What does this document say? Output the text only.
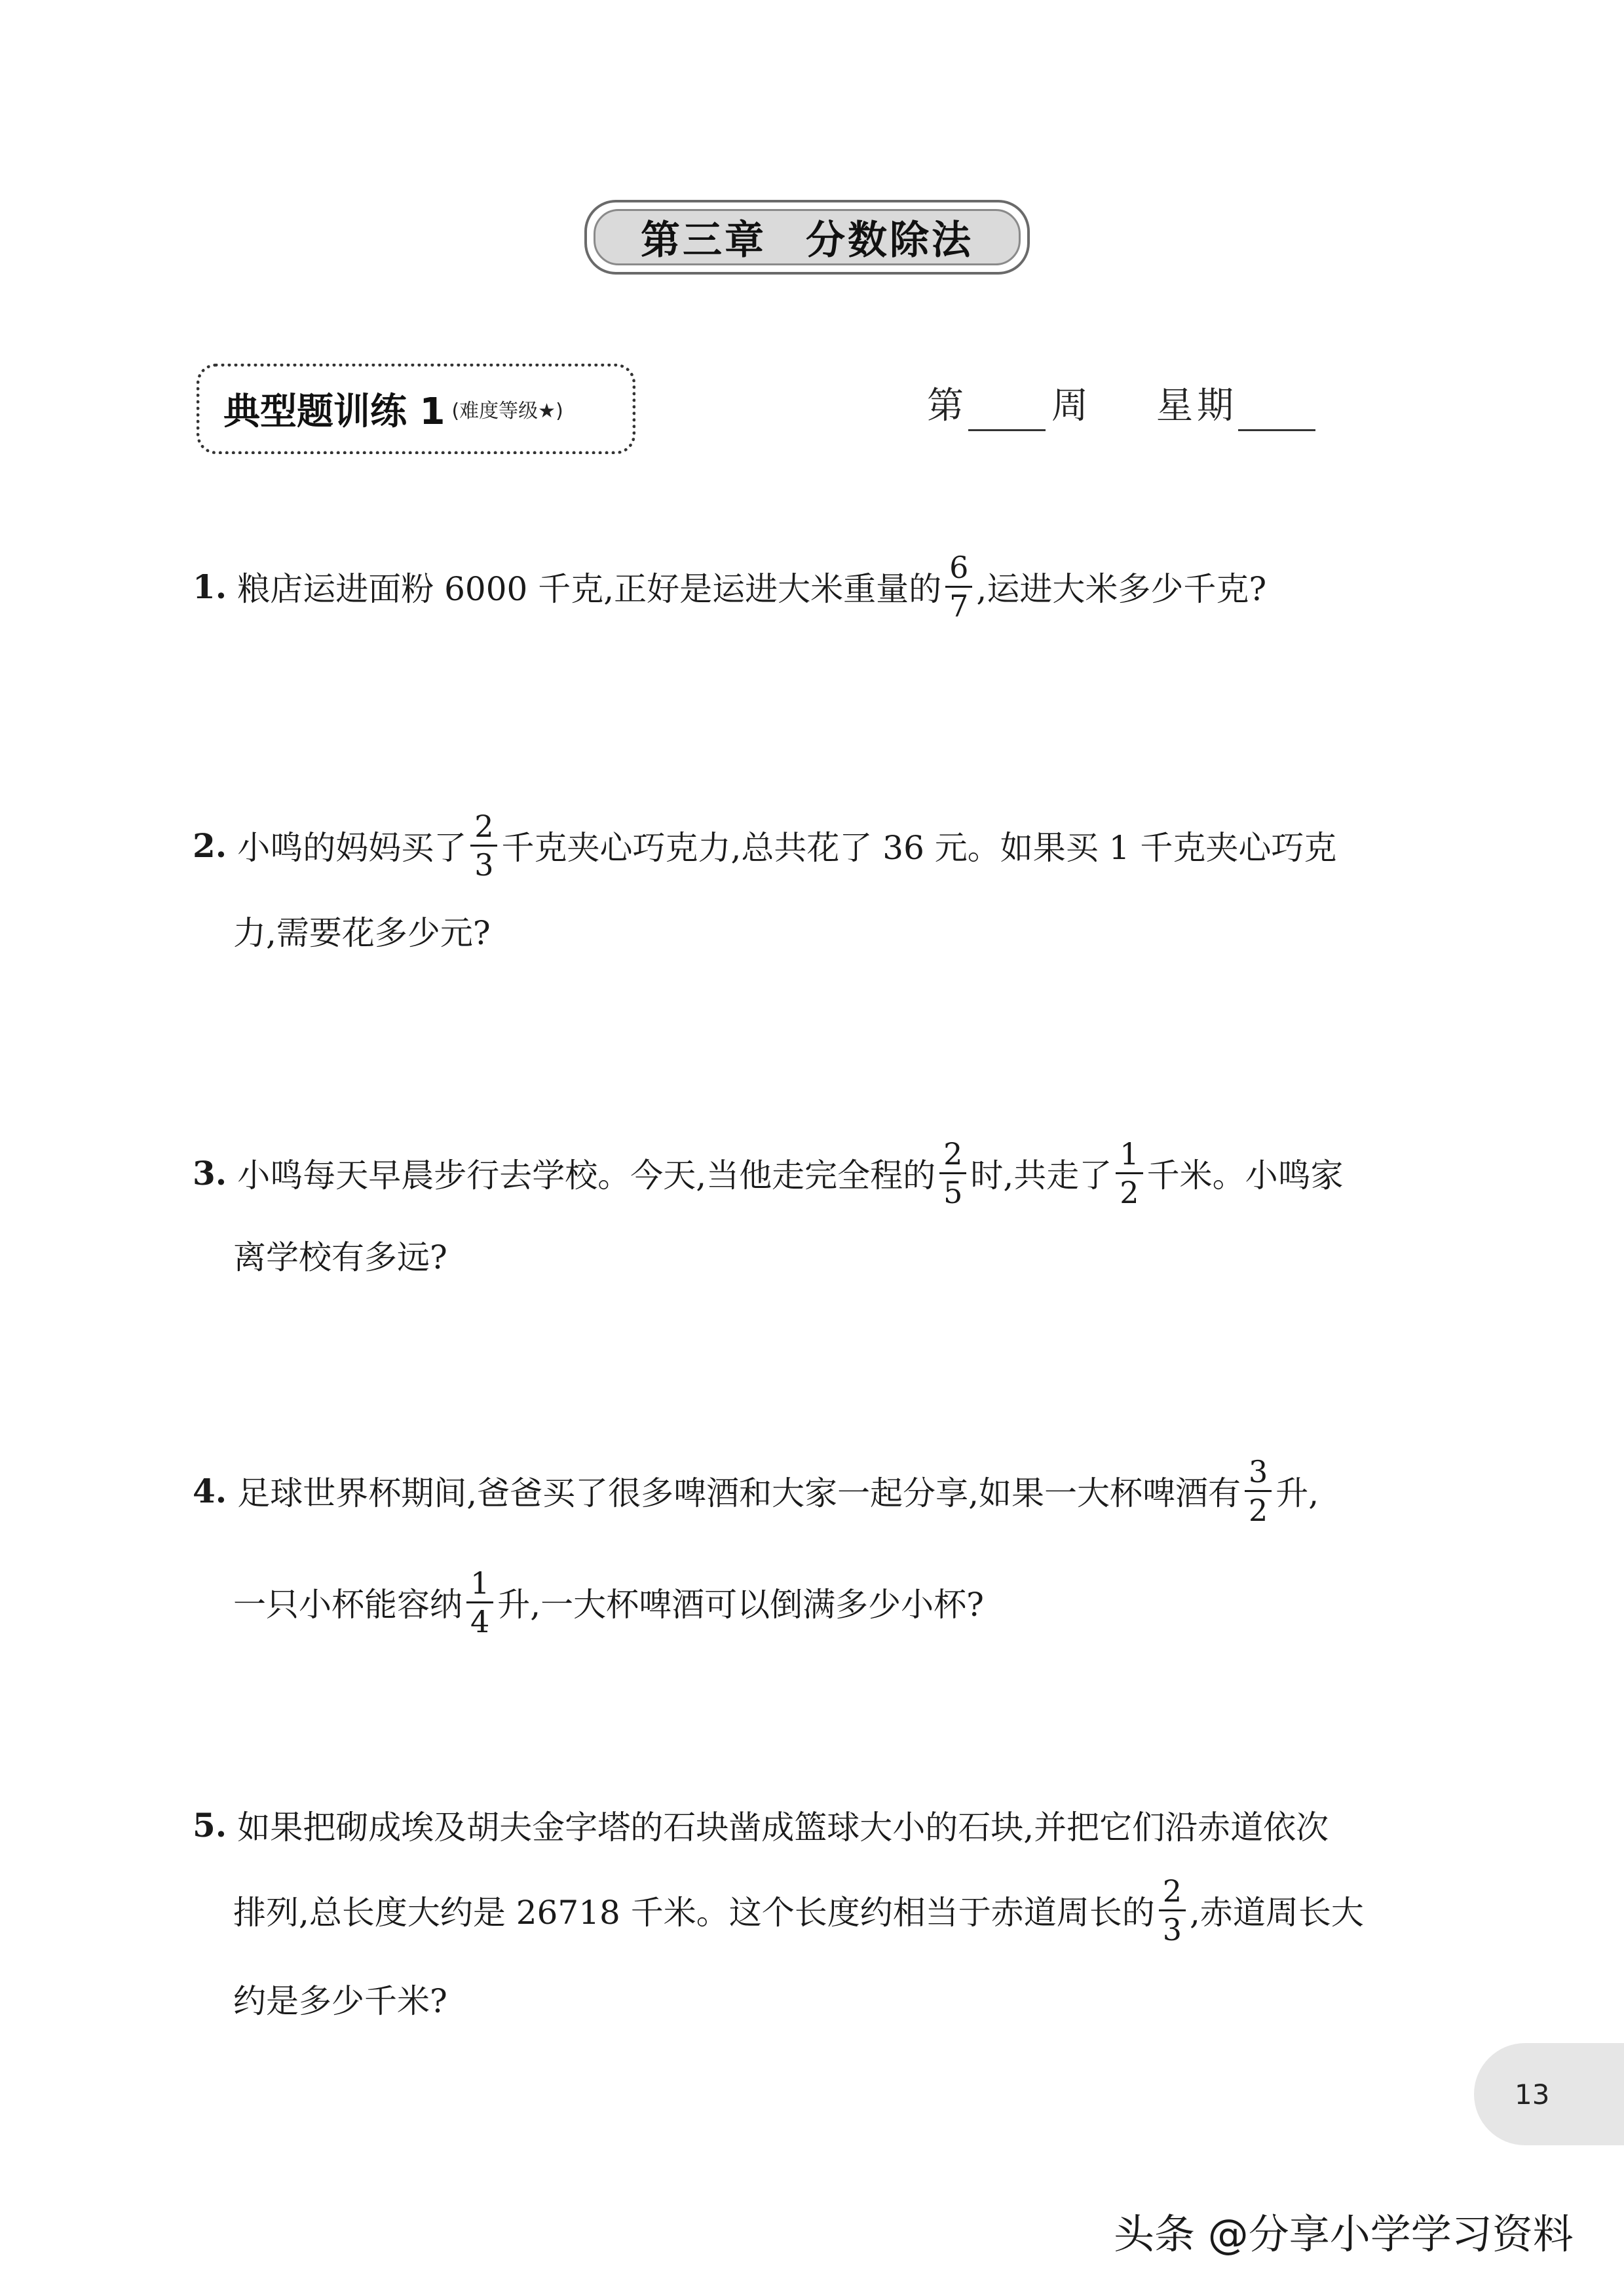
第三章 分数除法
典型题训练 1 (难度等级★)	第 周 星期
1. 粮店运进面粉 6000 千克,正好是运进大米重量的 $\frac{6}{7}$ ,运进大米多少千克?
2. 小鸣的妈妈买了 $\frac{2}{3}$ 千克夹心巧克力,总共花了 36 元。如果买 1 千克夹心巧克
力,需要花多少元?
3. 小鸣每天早晨步行去学校。今天,当他走完全程的 $\frac{2}{5}$ 时,共走了 $\frac{1}{2}$ 千米。小鸣家
离学校有多远?
4. 足球世界杯期间,爸爸买了很多啤酒和大家一起分享,如果一大杯啤酒有 $\frac{3}{2}$ 升,
一只小杯能容纳 $\frac{1}{4}$ 升,一大杯啤酒可以倒满多少小杯?
5. 如果把砌成埃及胡夫金字塔的石块凿成篮球大小的石块,并把它们沿赤道依次
排列,总长度大约是 26718 千米。这个长度约相当于赤道周长的 $\frac{2}{3}$ ,赤道周长大
约是多少千米?
13
头条 @分享小学学习资料
